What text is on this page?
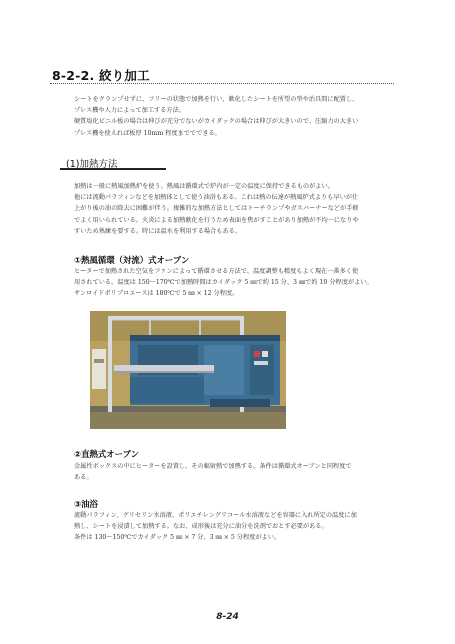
8-2-2. 絞り加工
シートをクランプせずに、フリーの状態で加熱を行い、軟化したシートを所望の型や治具間に配置し、
プレス機や人力によって加工する方法。
硬質塩化ビニル板の場合は伸びが充分でないがカイダックの場合は伸びが大きいので、圧縮力の大きい
プレス機を使えれば板厚 10mm 程度まででできる。
(1)加熱方法
加熱は一般に熱風加熱炉を使う。熱風は循環式で炉内が一定の温度に保持できるものがよい。
他には流動パラフィンなどを加熱体として使う油浴もある。これは熱の伝達が熱風炉式よりも早いが仕
上がり後の油の除去に困難が伴う。複雑的な加熱方法としてはトーチランプやガスバーナーなどが手軽
でよく用いられている。火炎による加熱軟化を行うため表面を焦がすことがあり加熱が不均一になりや
すいため熟練を要する。時には温水を利用する場合もある。
①熱風循環（対流）式オーブン
ヒーターで加熱された空気をファンによって循環させる方法で、温度調整も精度もよく現在一番多く使
用されている。温度は 150～170℃で加熱時間はカイダック 5 ㎜で約 15 分、3 ㎜で約 10 分程度がよい。
サンロイドポリプロエースは 180℃で 5 ㎜ × 12 分程度。
②直熱式オーブン
金属性ボックスの中にヒーターを設置し、その輻射熱で加熱する。条件は循環式オーブンと同程度で
ある。
③油浴
流動パラフィン、グリセリン水溶液、ポリエチレングリコール水溶液などを容器に入れ所定の温度に加
熱し、シートを浸漬して加熱する。なお、成形後は充分に油分を洗剤でおとす必要がある。
条件は 130～150℃でカイダック 5 ㎜ × 7 分、3 ㎜ × 5 分程度がよい。
8-24
